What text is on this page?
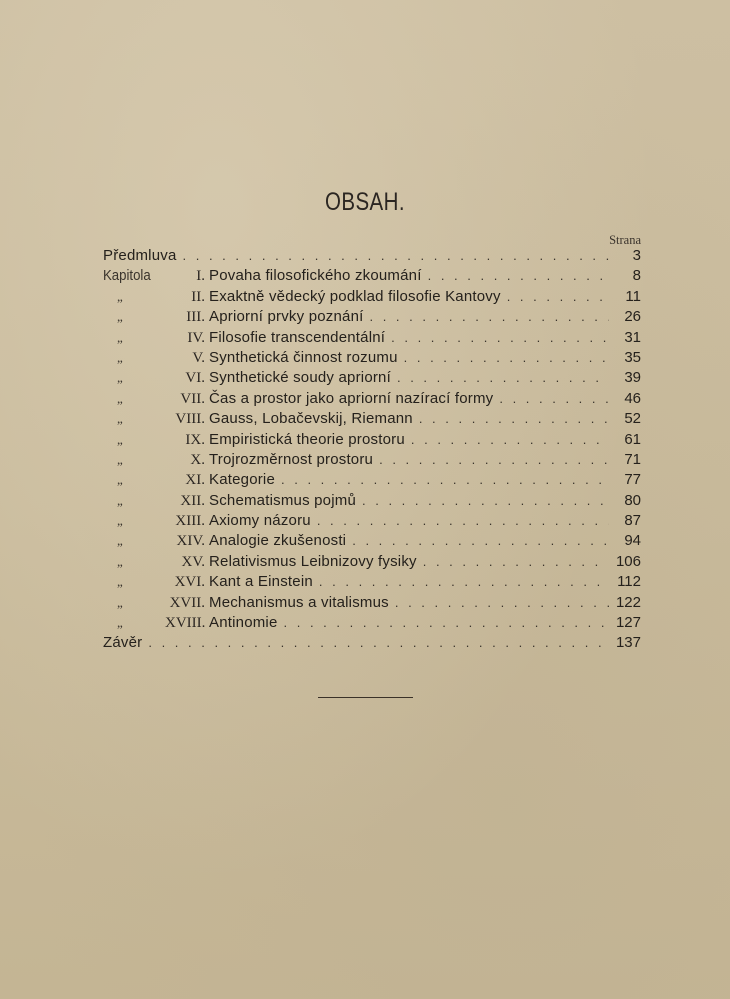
OBSAH.
Strana
Předmluva . . .	3
Kapitola	I. Povaha filosofického zkoumání . . .	8
„	II. Exaktně vědecký podklad filosofie Kantovy . . .	11
„	III. Apriorní prvky poznání . . .	26
„	IV. Filosofie transcendentální . . .	31
„	V. Synthetická činnost rozumu . . .	35
„	VI. Synthetické soudy apriorní . . .	39
„	VII. Čas a prostor jako apriorní nazírací formy . . .	46
„	VIII. Gauss, Lobačevskij, Riemann . . .	52
„	IX. Empiristická theorie prostoru . . .	61
„	X. Trojrozměrnost prostoru . . .	71
„	XI. Kategorie . . .	77
„	XII. Schematismus pojmů . . .	80
„	XIII. Axiomy názoru . . .	87
„	XIV. Analogie zkušenosti . . .	94
„	XV. Relativismus Leibnizovy fysiky . . .	106
„	XVI. Kant a Einstein . . .	112
„	XVII. Mechanismus a vitalismus . . .	122
„	XVIII. Antinomie . . .	127
Závěr . . .	137
